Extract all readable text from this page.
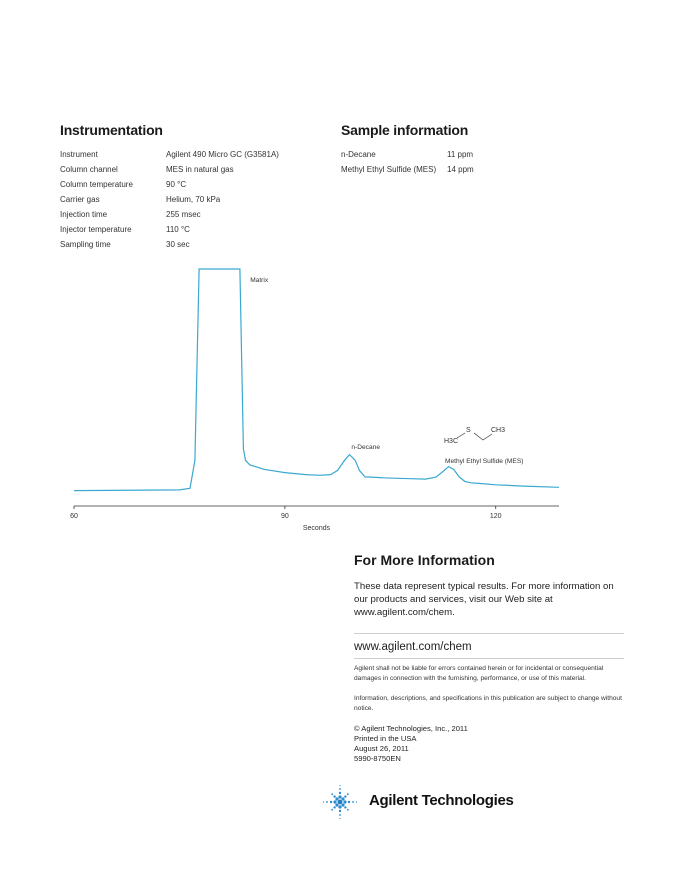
Instrumentation
Instrument	Agilent 490 Micro GC (G3581A)
Column channel	MES in natural gas
Column temperature	90 °C
Carrier gas	Helium, 70 kPa
Injection time	255 msec
Injector temperature	110 °C
Sampling time	30 sec
Sample information
n-Decane	11 ppm
Methyl Ethyl Sulfide (MES) 14 ppm
60	90	120
Matrix
n-Decane
Methyl Ethyl Sulfide (MES)
Seconds
H3C
S	CH3
For More Information
These data represent typical results. For more information on our products and services, visit our Web site at www.agilent.com/chem.
www.agilent.com/chem
Agilent shall not be liable for errors contained herein or for incidental or consequential damages in connection with the furnishing, performance, or use of this material.
Information, descriptions, and specifications in this publication are subject to change without notice.
© Agilent Technologies, Inc., 2011
Printed in the USA
August 26, 2011
5990-8750EN
Agilent Technologies
